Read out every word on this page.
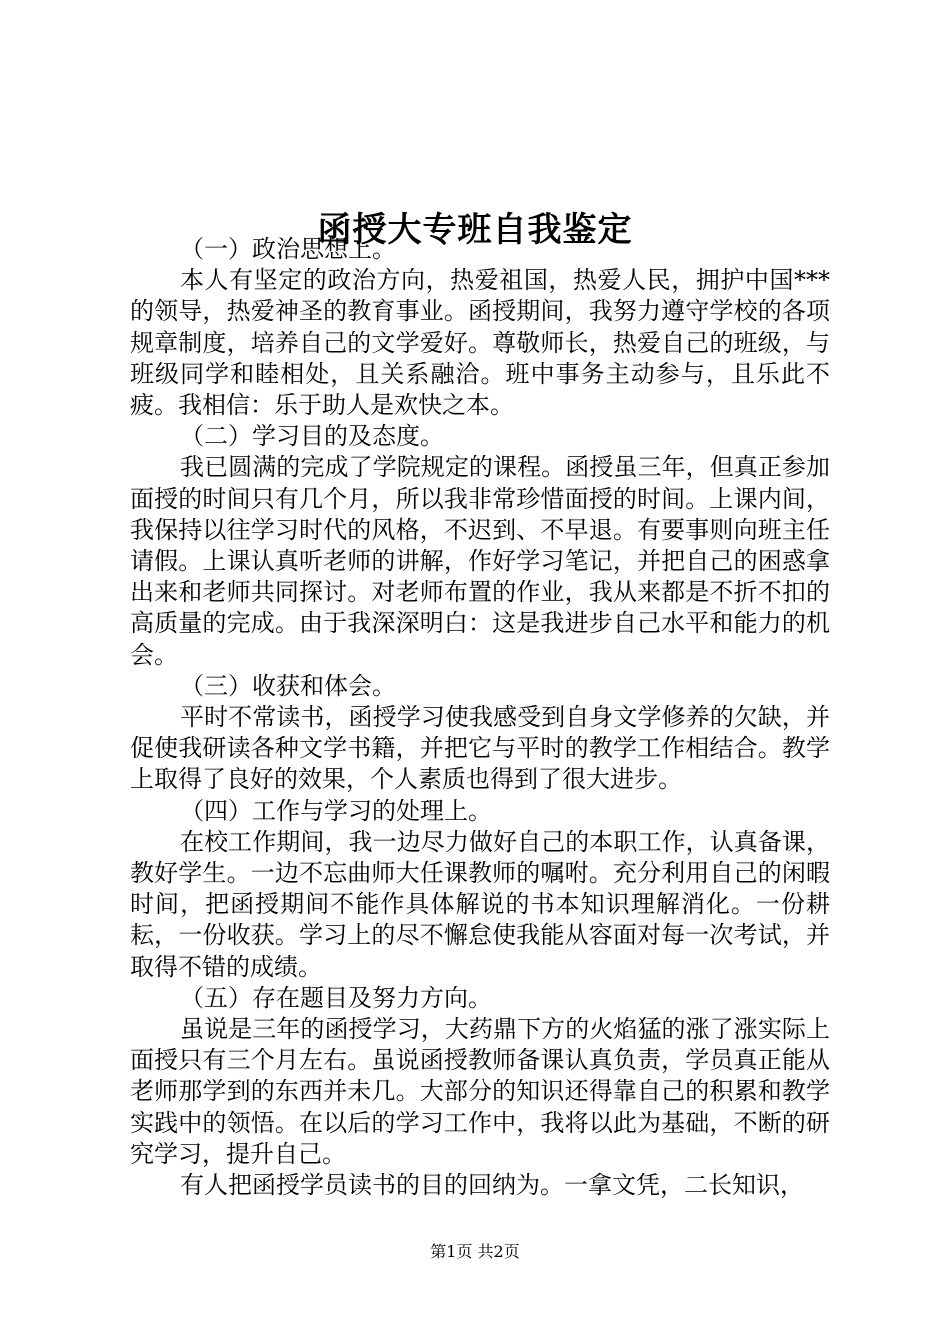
函授大专班自我鉴定

（一）政治思想上。

本人有坚定的政治方向，热爱祖国，热爱人民，拥护中国***的领导，热爱神圣的教育事业。函授期间，我努力遵守学校的各项规章制度，培养自己的文学爱好。尊敬师长，热爱自己的班级，与班级同学和睦相处，且关系融洽。班中事务主动参与，且乐此不疲。我相信：乐于助人是欢快之本。

（二）学习目的及态度。

我已圆满的完成了学院规定的课程。函授虽三年，但真正参加面授的时间只有几个月，所以我非常珍惜面授的时间。上课内间，我保持以往学习时代的风格，不迟到、不早退。有要事则向班主任请假。上课认真听老师的讲解，作好学习笔记，并把自己的困惑拿出来和老师共同探讨。对老师布置的作业，我从来都是不折不扣的高质量的完成。由于我深深明白：这是我进步自己水平和能力的机会。

（三）收获和体会。

平时不常读书，函授学习使我感受到自身文学修养的欠缺，并促使我研读各种文学书籍，并把它与平时的教学工作相结合。教学上取得了良好的效果，个人素质也得到了很大进步。

（四）工作与学习的处理上。

在校工作期间，我一边尽力做好自己的本职工作，认真备课，教好学生。一边不忘曲师大任课教师的嘱咐。充分利用自己的闲暇时间，把函授期间不能作具体解说的书本知识理解消化。一份耕耘，一份收获。学习上的尽不懈怠使我能从容面对每一次考试，并取得不错的成绩。

（五）存在题目及努力方向。

虽说是三年的函授学习，大药鼎下方的火焰猛的涨了涨实际上面授只有三个月左右。虽说函授教师备课认真负责，学员真正能从老师那学到的东西并未几。大部分的知识还得靠自己的积累和教学实践中的领悟。在以后的学习工作中，我将以此为基础，不断的研究学习，提升自己。

有人把函授学员读书的目的回纳为。一拿文凭，二长知识，

第1页 共2页
